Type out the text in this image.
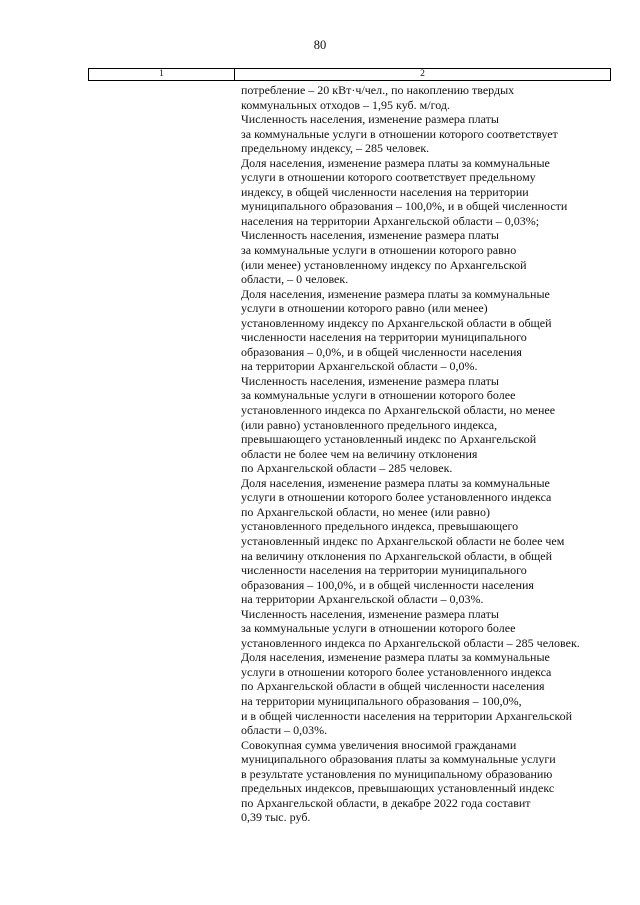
80
1	2
потребление – 20 кВт·ч/чел., по накоплению твердых
коммунальных отходов – 1,95 куб. м/год.
Численность населения, изменение размера платы
за коммунальные услуги в отношении которого соответствует
предельному индексу, – 285 человек.
Доля населения, изменение размера платы за коммунальные
услуги в отношении которого соответствует предельному
индексу, в общей численности населения на территории
муниципального образования – 100,0%, и в общей численности
населения на территории Архангельской области – 0,03%;
Численность населения, изменение размера платы
за коммунальные услуги в отношении которого равно
(или менее) установленному индексу по Архангельской
области, – 0 человек.
Доля населения, изменение размера платы за коммунальные
услуги в отношении которого равно (или менее)
установленному индексу по Архангельской области в общей
численности населения на территории муниципального
образования – 0,0%, и в общей численности населения
на территории Архангельской области – 0,0%.
Численность населения, изменение размера платы
за коммунальные услуги в отношении которого более
установленного индекса по Архангельской области, но менее
(или равно) установленного предельного индекса,
превышающего установленный индекс по Архангельской
области не более чем на величину отклонения
по Архангельской области – 285 человек.
Доля населения, изменение размера платы за коммунальные
услуги в отношении которого более установленного индекса
по Архангельской области, но менее (или равно)
установленного предельного индекса, превышающего
установленный индекс по Архангельской области не более чем
на величину отклонения по Архангельской области, в общей
численности населения на территории муниципального
образования – 100,0%, и в общей численности населения
на территории Архангельской области – 0,03%.
Численность населения, изменение размера платы
за коммунальные услуги в отношении которого более
установленного индекса по Архангельской области – 285 человек.
Доля населения, изменение размера платы за коммунальные
услуги в отношении которого более установленного индекса
по Архангельской области в общей численности населения
на территории муниципального образования – 100,0%,
и в общей численности населения на территории Архангельской
области – 0,03%.
Совокупная сумма увеличения вносимой гражданами
муниципального образования платы за коммунальные услуги
в результате установления по муниципальному образованию
предельных индексов, превышающих установленный индекс
по Архангельской области, в декабре 2022 года составит
0,39 тыс. руб.
